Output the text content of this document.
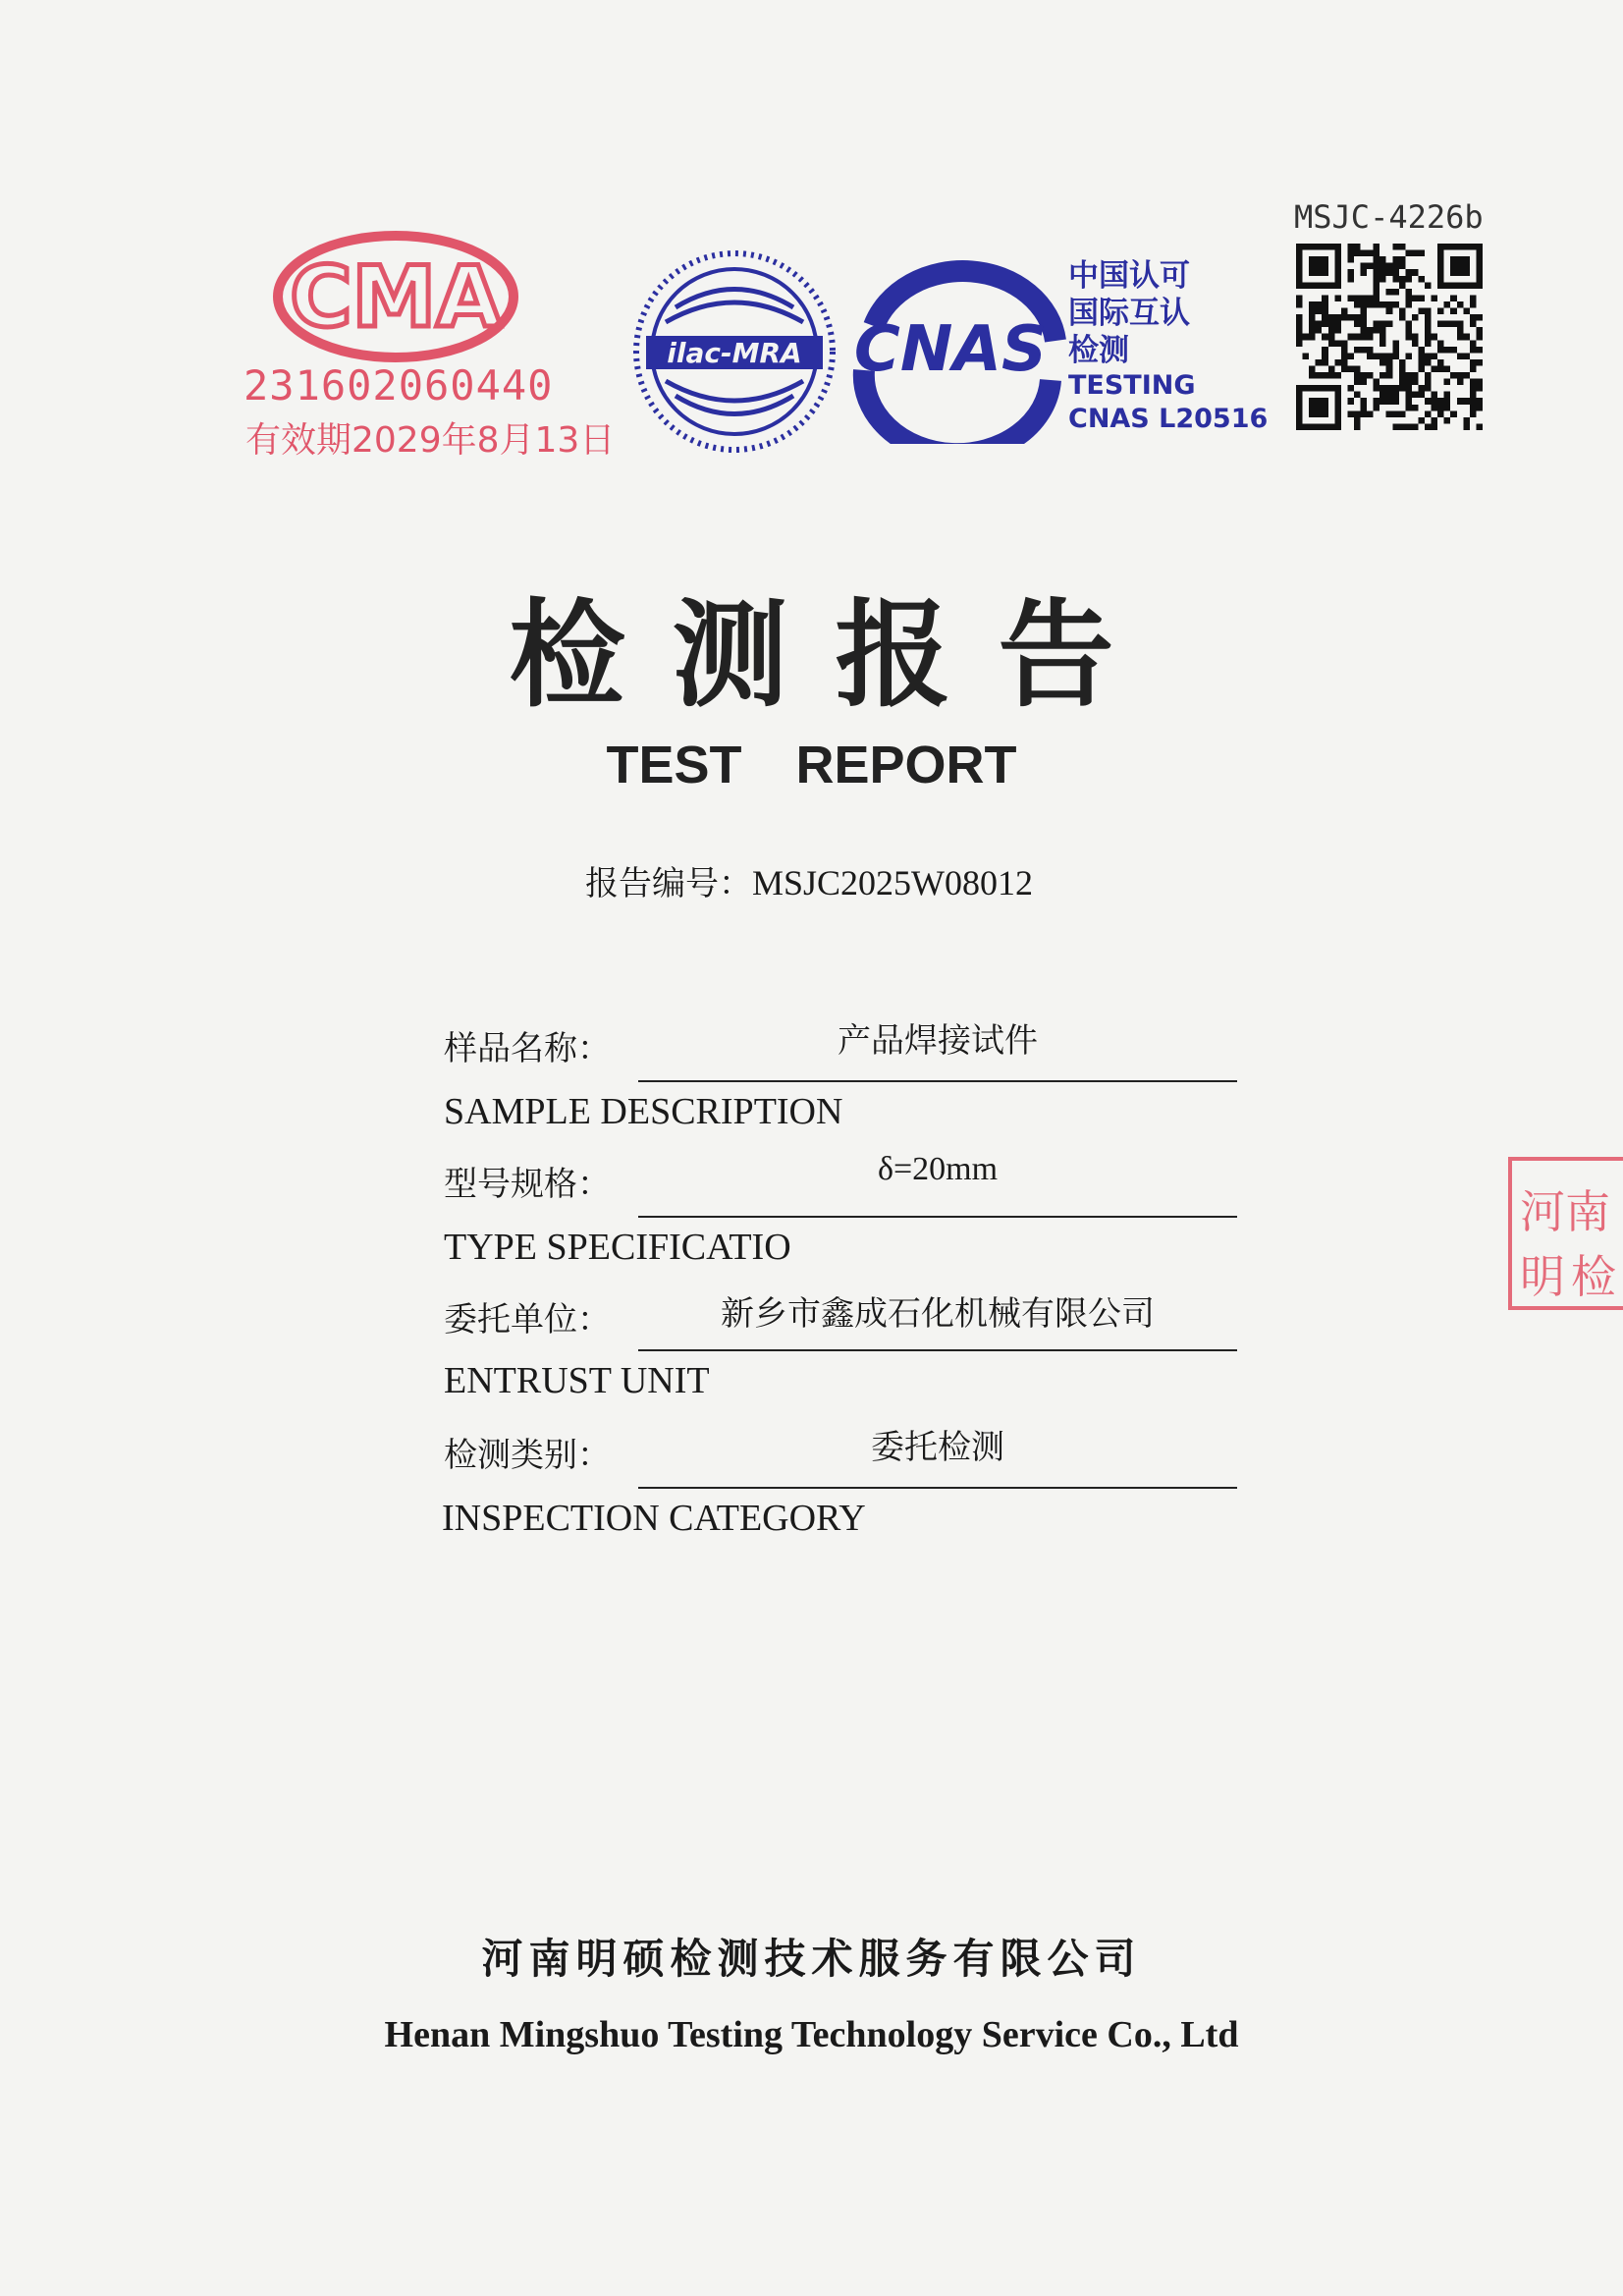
CMA
231602060440
有效期2029年8月13日
ilac-MRA CNAS
中国认可
国际互认
检测
TESTING
CNAS L20516
MSJC-4226b
检测报告
TEST REPORT
报告编号：MSJC2025W08012
样品名称：	产品焊接试件
SAMPLE DESCRIPTION
型号规格：	δ=20mm
TYPE SPECIFICATIO
委托单位：	新乡市鑫成石化机械有限公司
ENTRUST UNIT
检测类别：	委托检测
INSPECTION CATEGORY
河南明 检
河南明硕检测技术服务有限公司
Henan Mingshuo Testing Technology Service Co., Ltd
